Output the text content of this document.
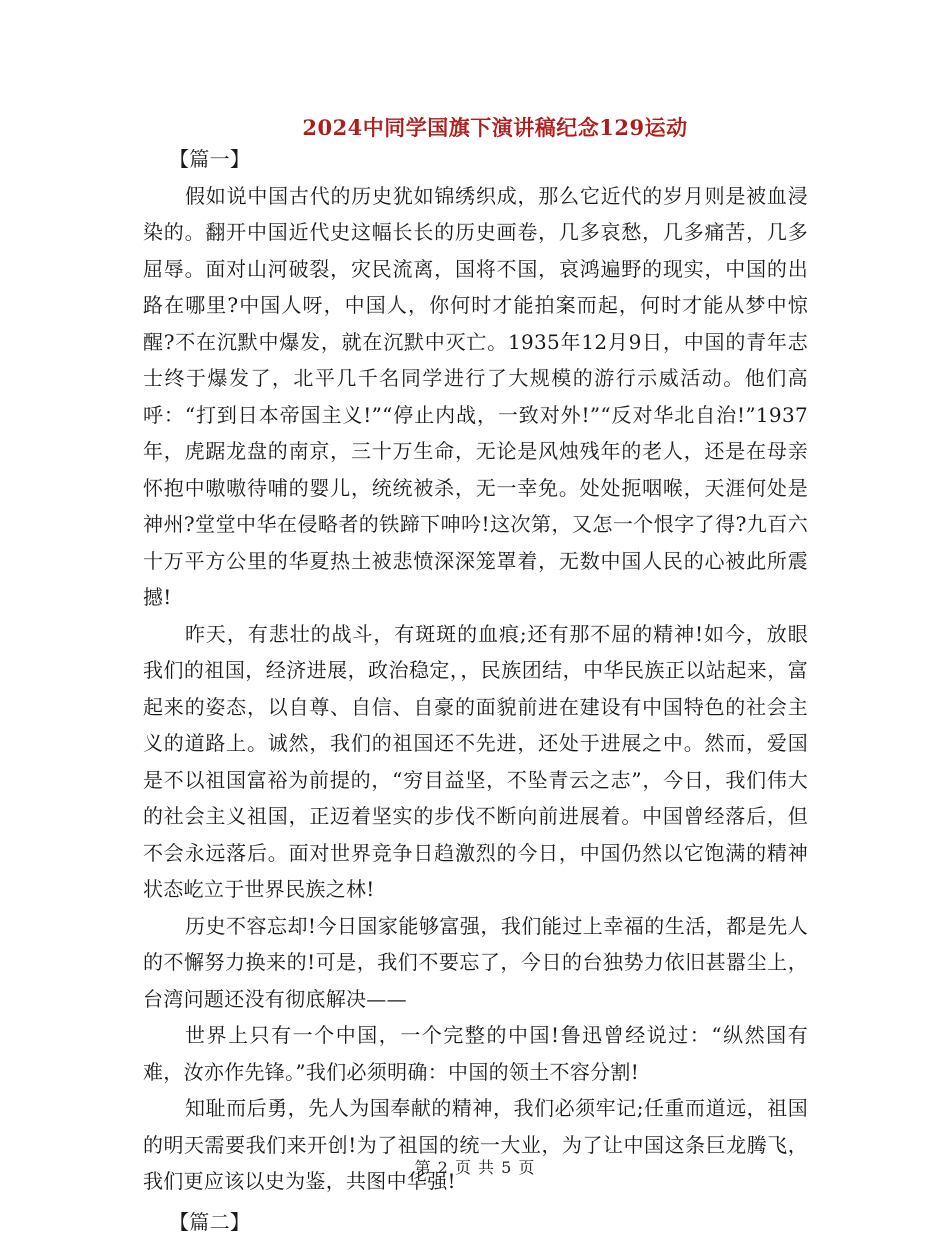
2024中同学国旗下演讲稿纪念129运动

【篇一】

假如说中国古代的历史犹如锦绣织成，那么它近代的岁月则是被血浸染的。翻开中国近代史这幅长长的历史画卷，几多哀愁，几多痛苦，几多屈辱。面对山河破裂，灾民流离，国将不国，哀鸿遍野的现实，中国的出路在哪里?中国人呀，中国人，你何时才能拍案而起，何时才能从梦中惊醒?不在沉默中爆发，就在沉默中灭亡。1935年12月9日，中国的青年志士终于爆发了，北平几千名同学进行了大规模的游行示威活动。他们高呼：“打到日本帝国主义!”“停止内战，一致对外!”“反对华北自治!”1937年，虎踞龙盘的南京，三十万生命，无论是风烛残年的老人，还是在母亲怀抱中嗷嗷待哺的婴儿，统统被杀，无一幸免。处处扼咽喉，天涯何处是神州?堂堂中华在侵略者的铁蹄下呻吟!这次第，又怎一个恨字了得?九百六十万平方公里的华夏热土被悲愤深深笼罩着，无数中国人民的心被此所震撼!

昨天，有悲壮的战斗，有斑斑的血痕;还有那不屈的精神!如今，放眼我们的祖国，经济进展，政治稳定，，民族团结，中华民族正以站起来，富起来的姿态，以自尊、自信、自豪的面貌前进在建设有中国特色的社会主义的道路上。诚然，我们的祖国还不先进，还处于进展之中。然而，爱国是不以祖国富裕为前提的，“穷目益坚，不坠青云之志”，今日，我们伟大的社会主义祖国，正迈着坚实的步伐不断向前进展着。中国曾经落后，但不会永远落后。面对世界竞争日趋激烈的今日，中国仍然以它饱满的精神状态屹立于世界民族之林!

历史不容忘却!今日国家能够富强，我们能过上幸福的生活，都是先人的不懈努力换来的!可是，我们不要忘了，今日的台独势力依旧甚嚣尘上，台湾问题还没有彻底解决——

世界上只有一个中国，一个完整的中国!鲁迅曾经说过：“纵然国有难，汝亦作先锋。”我们必须明确：中国的领土不容分割!

知耻而后勇，先人为国奉献的精神，我们必须牢记;任重而道远，祖国的明天需要我们来开创!为了祖国的统一大业，为了让中国这条巨龙腾飞，我们更应该以史为鉴，共图中华强!

【篇二】

第 2 页 共 5 页
